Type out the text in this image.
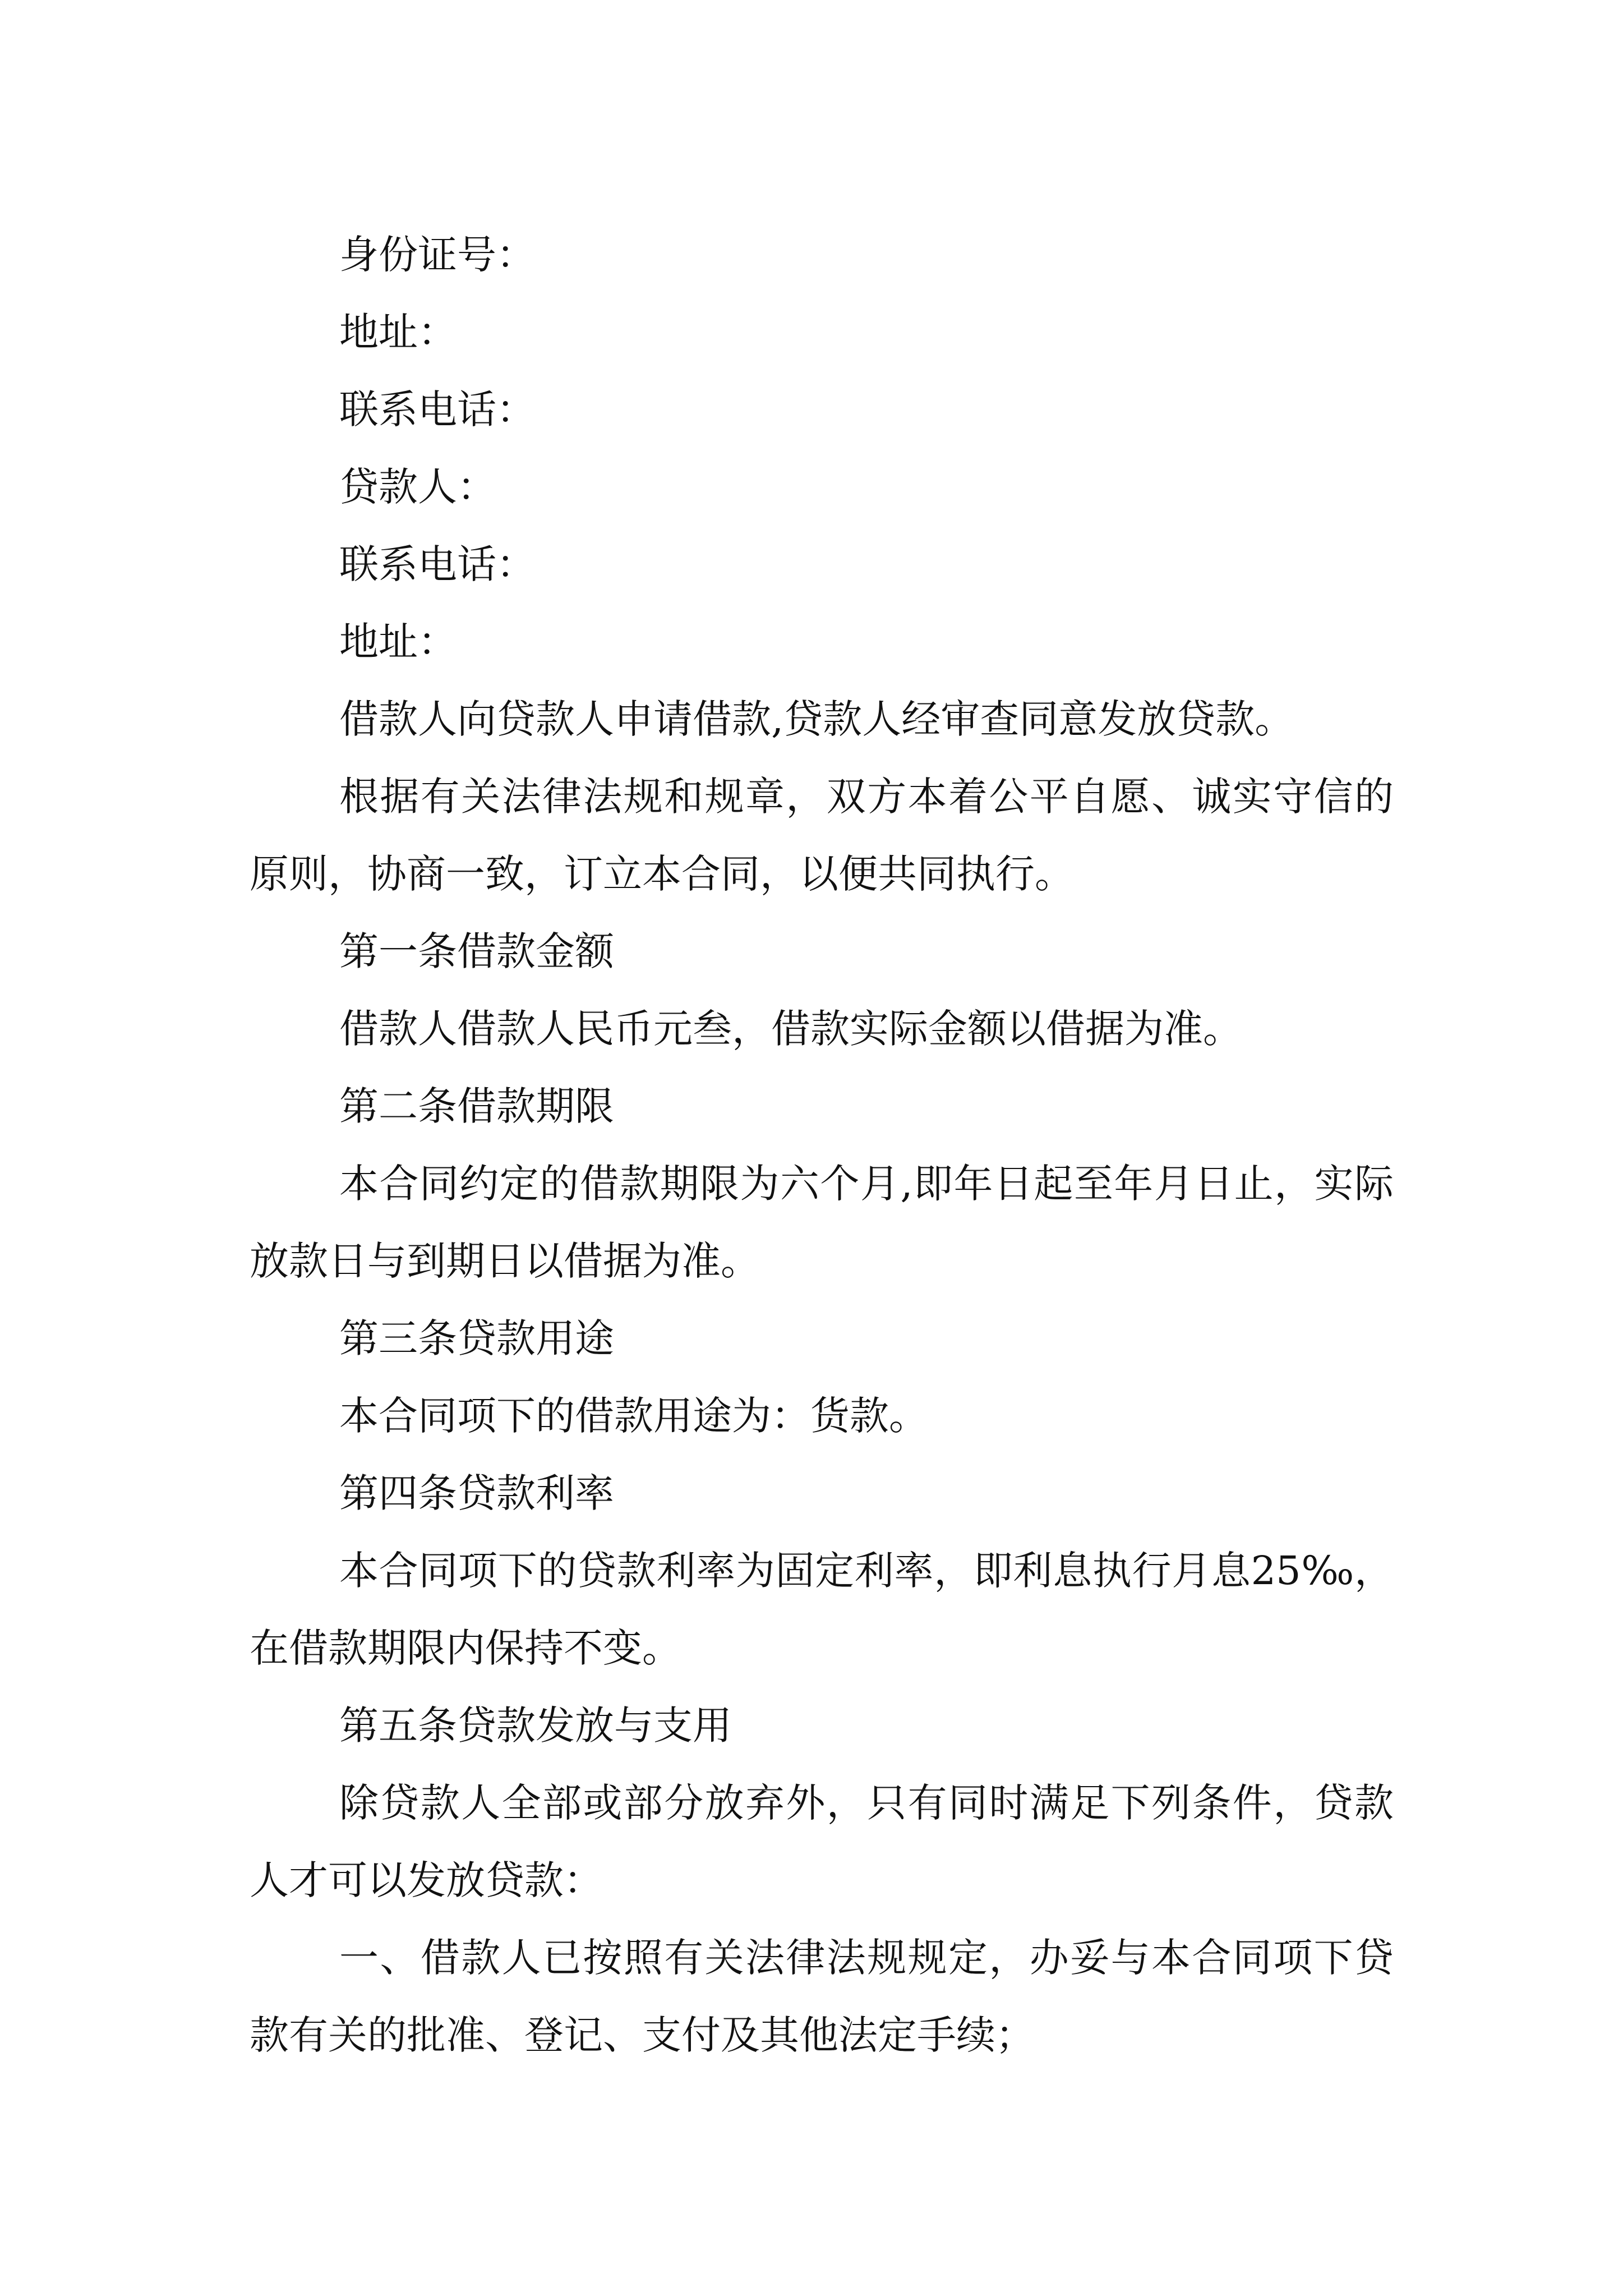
身份证号：

地址：

联系电话：

贷款人：

联系电话：

地址：

借款人向贷款人申请借款,贷款人经审查同意发放贷款。

根据有关法律法规和规章，双方本着公平自愿、诚实守信的原则，协商一致，订立本合同，以便共同执行。

第一条借款金额

借款人借款人民币元叁，借款实际金额以借据为准。

第二条借款期限

本合同约定的借款期限为六个月,即年日起至年月日止，实际放款日与到期日以借据为准。

第三条贷款用途

本合同项下的借款用途为：货款。

第四条贷款利率

本合同项下的贷款利率为固定利率，即利息执行月息25‰，在借款期限内保持不变。

第五条贷款发放与支用

除贷款人全部或部分放弃外，只有同时满足下列条件，贷款人才可以发放贷款：

一、借款人已按照有关法律法规规定，办妥与本合同项下贷款有关的批准、登记、支付及其他法定手续；
